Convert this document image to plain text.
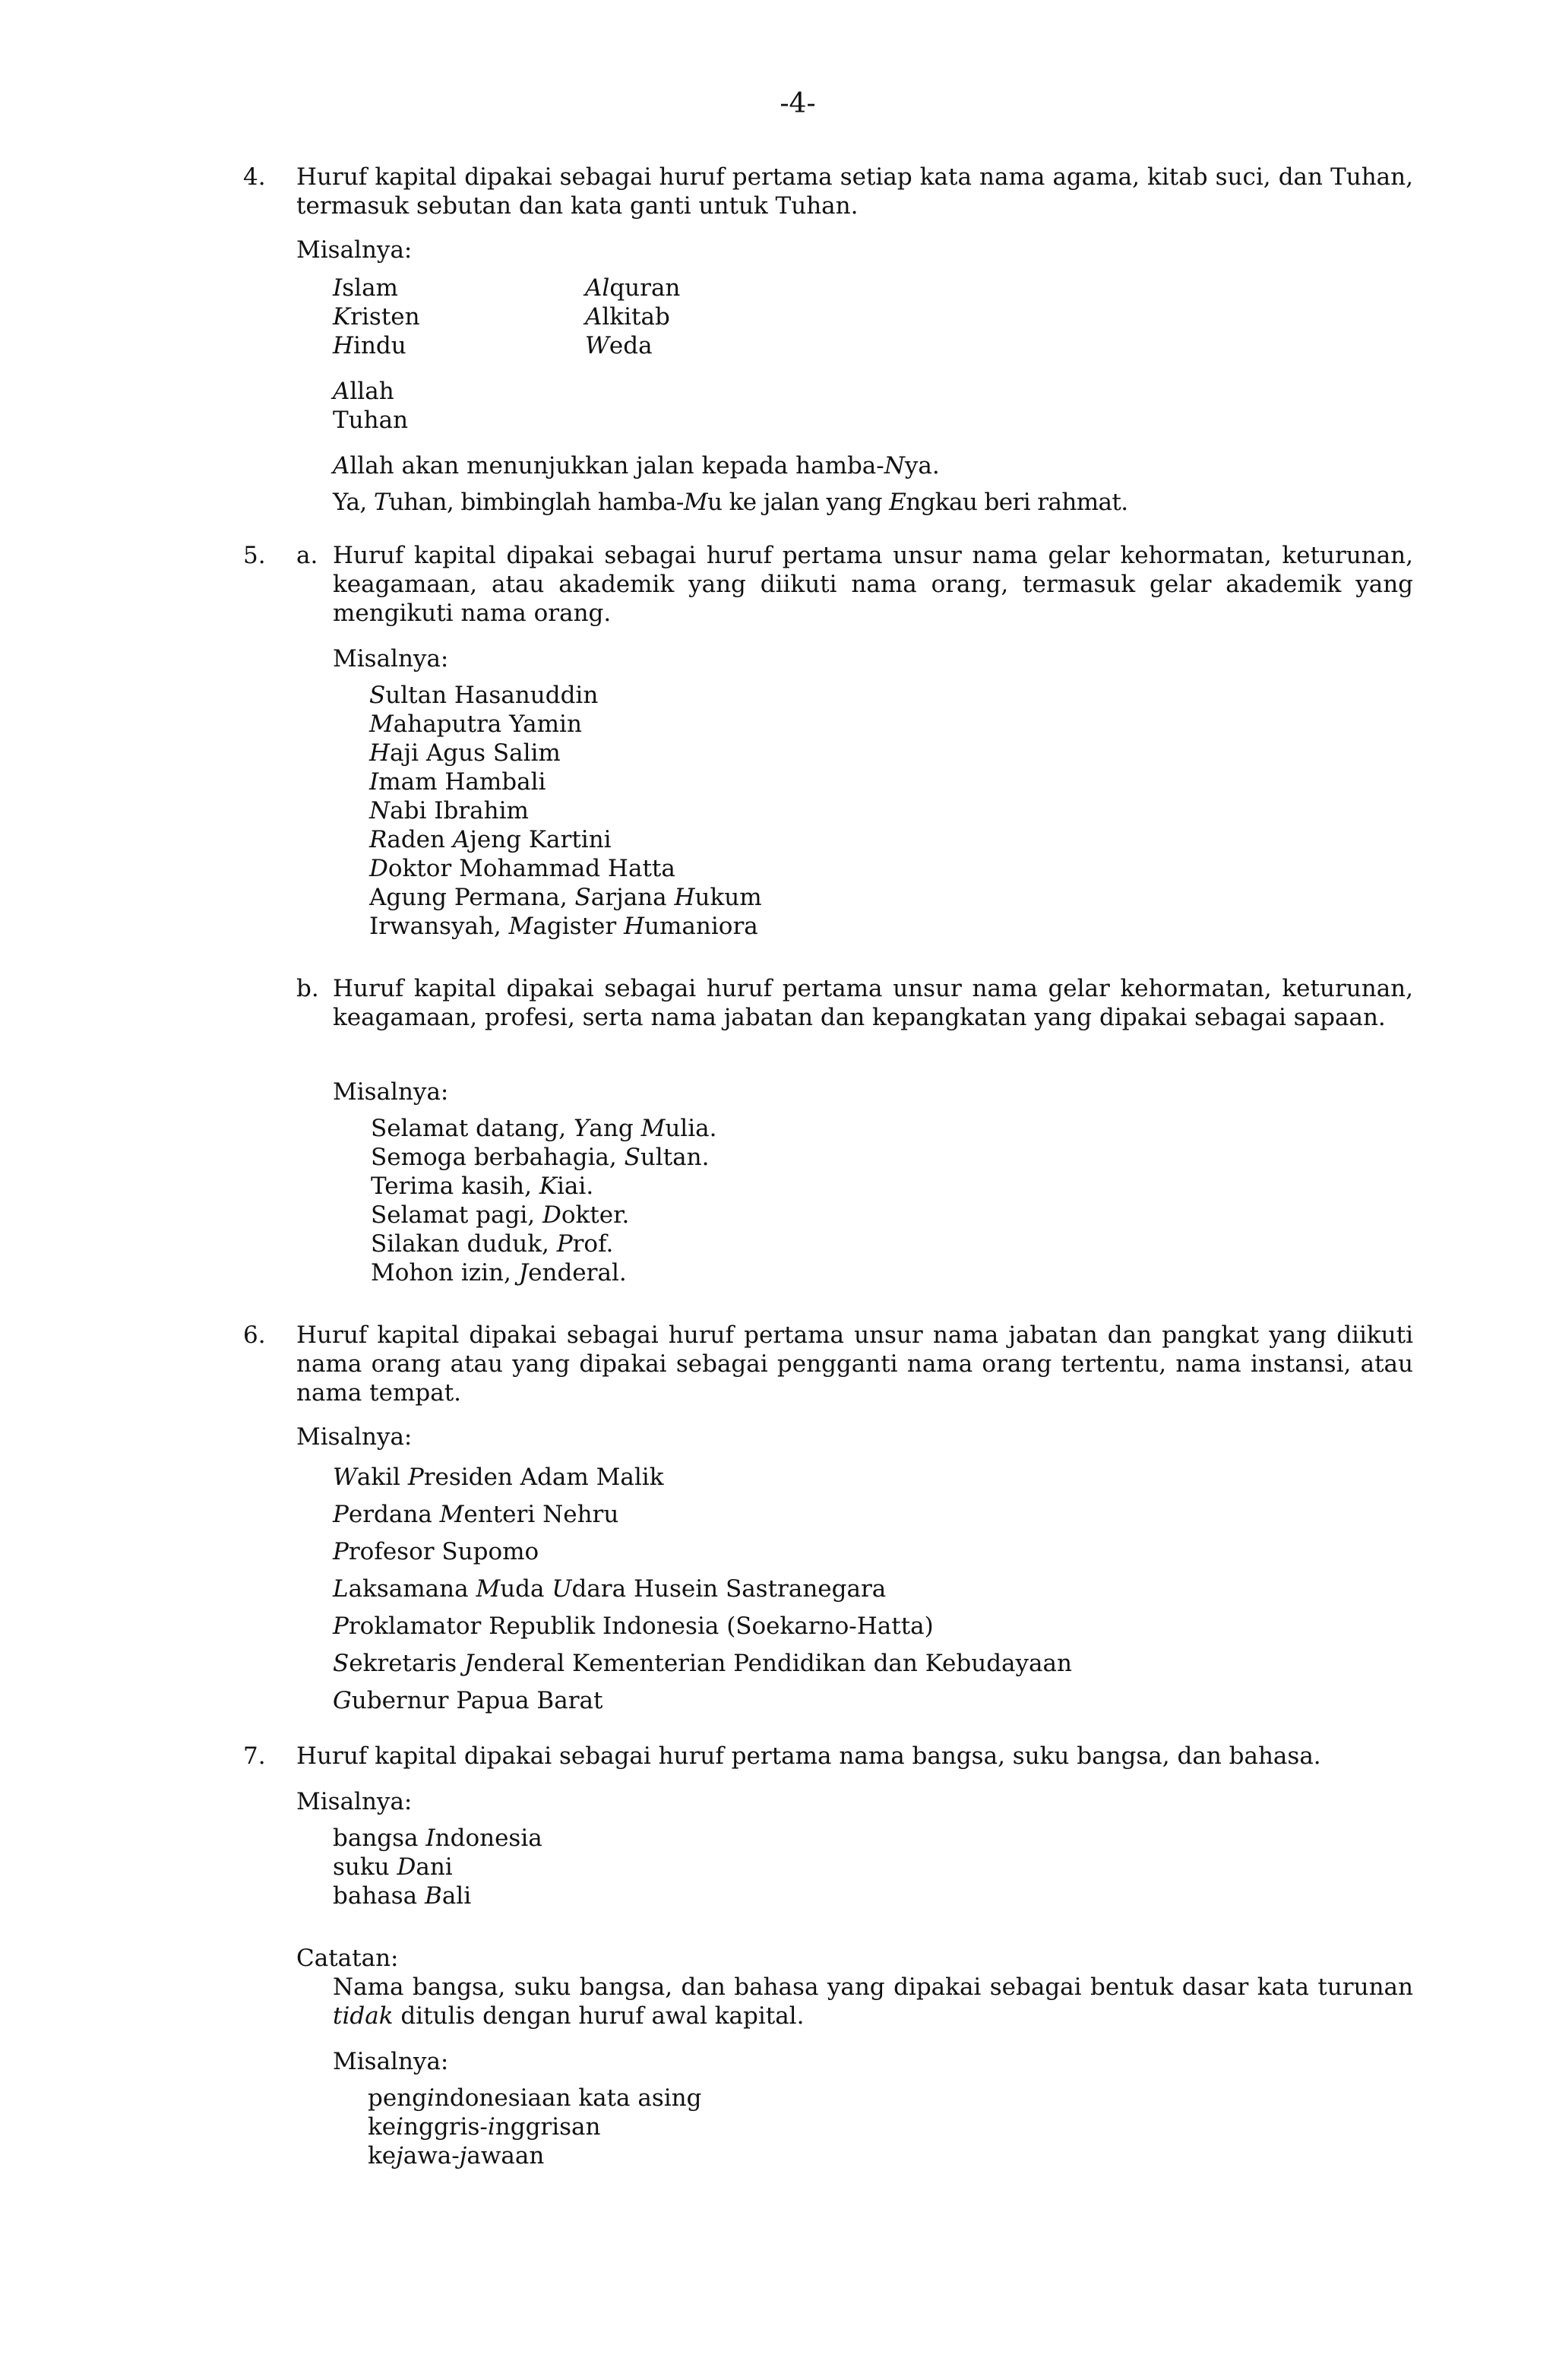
-4-
4. Huruf kapital dipakai sebagai huruf pertama setiap kata nama agama, kitab suci, dan Tuhan, termasuk sebutan dan kata ganti untuk Tuhan.
Misalnya:
Islam
Kristen
Hindu
Alquran
Alkitab
Weda
Allah
Tuhan
Allah akan menunjukkan jalan kepada hamba-Nya.
Ya, Tuhan, bimbinglah hamba-Mu ke jalan yang Engkau beri rahmat.
5. a. Huruf kapital dipakai sebagai huruf pertama unsur nama gelar kehormatan, keturunan, keagamaan, atau akademik yang diikuti nama orang, termasuk gelar akademik yang mengikuti nama orang.
Misalnya:
Sultan Hasanuddin
Mahaputra Yamin
Haji Agus Salim
Imam Hambali
Nabi Ibrahim
Raden Ajeng Kartini
Doktor Mohammad Hatta
Agung Permana, Sarjana Hukum
Irwansyah, Magister Humaniora
b. Huruf kapital dipakai sebagai huruf pertama unsur nama gelar kehormatan, keturunan, keagamaan, profesi, serta nama jabatan dan kepangkatan yang dipakai sebagai sapaan.
Misalnya:
Selamat datang, Yang Mulia.
Semoga berbahagia, Sultan.
Terima kasih, Kiai.
Selamat pagi, Dokter.
Silakan duduk, Prof.
Mohon izin, Jenderal.
6. Huruf kapital dipakai sebagai huruf pertama unsur nama jabatan dan pangkat yang diikuti nama orang atau yang dipakai sebagai pengganti nama orang tertentu, nama instansi, atau nama tempat.
Misalnya:
Wakil Presiden Adam Malik
Perdana Menteri Nehru
Profesor Supomo
Laksamana Muda Udara Husein Sastranegara
Proklamator Republik Indonesia (Soekarno-Hatta)
Sekretaris Jenderal Kementerian Pendidikan dan Kebudayaan
Gubernur Papua Barat
7. Huruf kapital dipakai sebagai huruf pertama nama bangsa, suku bangsa, dan bahasa.
Misalnya:
bangsa Indonesia
suku Dani
bahasa Bali
Catatan:
Nama bangsa, suku bangsa, dan bahasa yang dipakai sebagai bentuk dasar kata turunan tidak ditulis dengan huruf awal kapital.
Misalnya:
pengindonesiaan kata asing
keinggris-inggrisan
kejawa-jawaan
